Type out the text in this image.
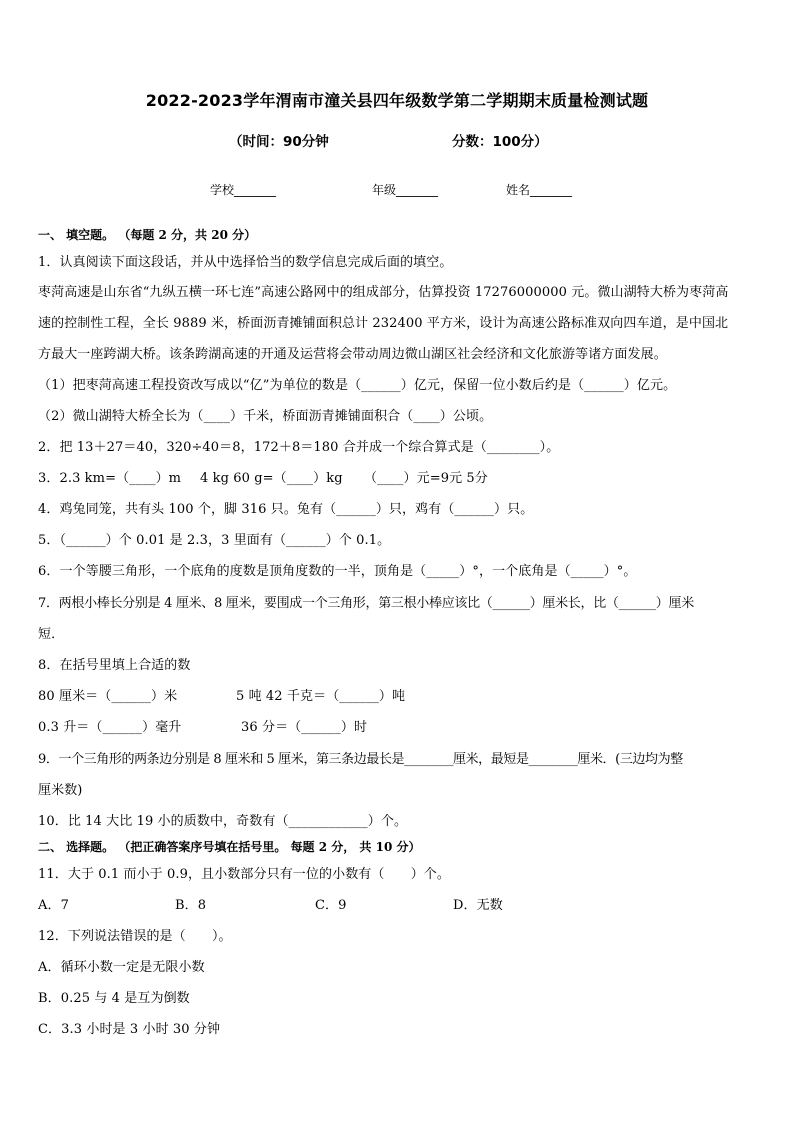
2022-2023学年渭南市潼关县四年级数学第二学期期末质量检测试题
（时间：90分钟	分数：100分）
学校_______	年级_______	姓名_______
一、 填空题。 （每题 2 分，共 20 分）
1．认真阅读下面这段话，并从中选择恰当的数学信息完成后面的填空。
枣菏高速是山东省“九纵五横一环七连”高速公路网中的组成部分，估算投资 17276000000 元。微山湖特大桥为枣菏高
速的控制性工程，全长 9889 米，桥面沥青摊铺面积总计 232400 平方米，设计为高速公路标准双向四车道，是中国北
方最大一座跨湖大桥。该条跨湖高速的开通及运营将会带动周边微山湖区社会经济和文化旅游等诸方面发展。
（1）把枣菏高速工程投资改写成以“亿”为单位的数是（______）亿元，保留一位小数后约是（______）亿元。
（2）微山湖特大桥全长为（____）千米，桥面沥青摊铺面积合（____）公顷。
2．把 13＋27＝40，320÷40＝8，172＋8＝180 合并成一个综合算式是（________）。
3．2.3 km=（____）m 4 kg 60 g=（____）kg （____）元=9元 5分
4．鸡兔同笼，共有头 100 个，脚 316 只。兔有（______）只，鸡有（______）只。
5．（______）个 0.01 是 2.3，3 里面有（______）个 0.1。
6．一个等腰三角形，一个底角的度数是顶角度数的一半，顶角是（_____）°，一个底角是（_____）°。
7．两根小棒长分别是 4 厘米、8 厘米，要围成一个三角形，第三根小棒应该比（______）厘米长，比（______）厘米
短．
8．在括号里填上合适的数
80 厘米＝（______）米	5 吨 42 千克＝（______）吨
0.3 升＝（______）毫升	36 分＝（______）时
9．一个三角形的两条边分别是 8 厘米和 5 厘米，第三条边最长是________厘米，最短是________厘米．(三边均为整
厘米数)
10．比 14 大比 19 小的质数中，奇数有（____________）个。
二、 选择题。 （把正确答案序号填在括号里。 每题 2 分， 共 10 分）
11．大于 0.1 而小于 0.9，且小数部分只有一位的小数有（　　）个。
A．7	B．8	C．9	D．无数
12．下列说法错误的是（　　）。
A．循环小数一定是无限小数
B．0.25 与 4 是互为倒数
C．3.3 小时是 3 小时 30 分钟
